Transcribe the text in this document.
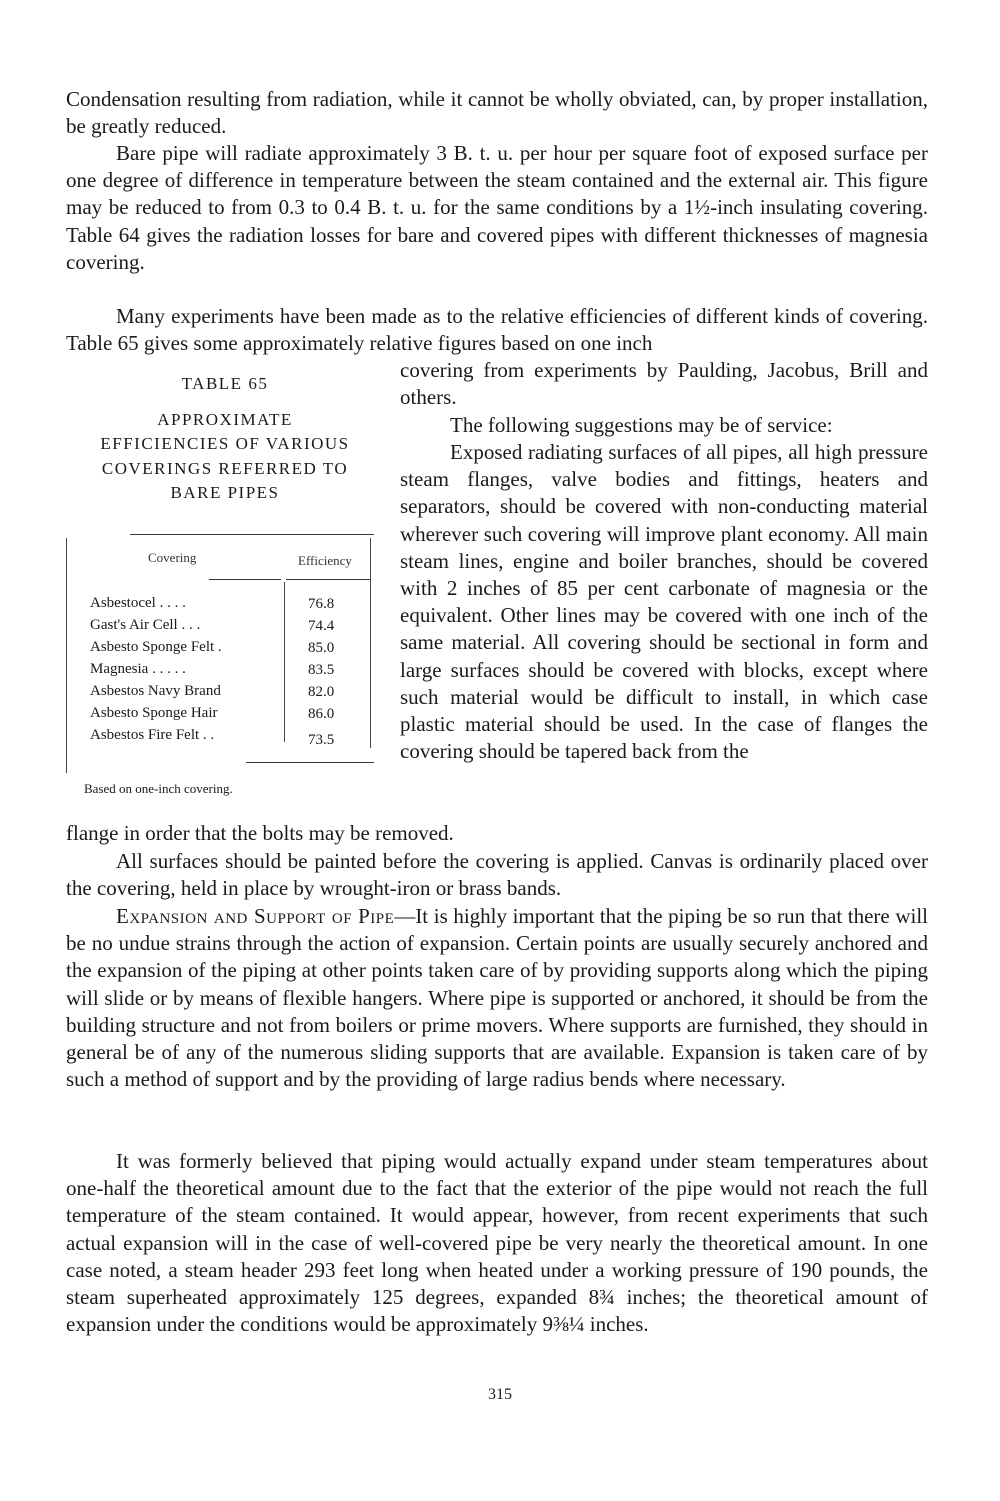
Condensation resulting from radiation, while it cannot be wholly obviated, can, by proper installation, be greatly reduced.

Bare pipe will radiate approximately 3 B. t. u. per hour per square foot of exposed surface per one degree of difference in temperature between the steam contained and the external air. This figure may be reduced to from 0.3 to 0.4 B. t. u. for the same conditions by a 1½-inch insulating covering. Table 64 gives the radiation losses for bare and covered pipes with different thicknesses of magnesia covering.

Many experiments have been made as to the relative efficiencies of different kinds of covering. Table 65 gives some approximately relative figures based on one inch

covering from experiments by Paulding, Jacobus, Brill and others.

The following suggestions may be of service:

Exposed radiating surfaces of all pipes, all high pressure steam flanges, valve bodies and fittings, heaters and separators, should be covered with non-conducting material wherever such covering will improve plant economy. All main steam lines, engine and boiler branches, should be covered with 2 inches of 85 per cent carbonate of magnesia or the equivalent. Other lines may be covered with one inch of the same material. All covering should be sectional in form and large surfaces should be covered with blocks, except where such material would be difficult to install, in which case plastic material should be used. In the case of flanges the covering should be tapered back from the

flange in order that the bolts may be removed.

All surfaces should be painted before the covering is applied. Canvas is ordinarily placed over the covering, held in place by wrought-iron or brass bands.

Expansion and Support of Pipe—It is highly important that the piping be so run that there will be no undue strains through the action of expansion. Certain points are usually securely anchored and the expansion of the piping at other points taken care of by providing supports along which the piping will slide or by means of flexible hangers. Where pipe is supported or anchored, it should be from the building structure and not from boilers or prime movers. Where supports are furnished, they should in general be of any of the numerous sliding supports that are available. Expansion is taken care of by such a method of support and by the providing of large radius bends where necessary.

It was formerly believed that piping would actually expand under steam temperatures about one-half the theoretical amount due to the fact that the exterior of the pipe would not reach the full temperature of the steam contained. It would appear, however, from recent experiments that such actual expansion will in the case of well-covered pipe be very nearly the theoretical amount. In one case noted, a steam header 293 feet long when heated under a working pressure of 190 pounds, the steam superheated approximately 125 degrees, expanded 8¾ inches; the theoretical amount of expansion under the conditions would be approximately 9⅜¼ inches.

TABLE 65
APPROXIMATE
EFFICIENCIES OF VARIOUS
COVERINGS REFERRED TO
BARE PIPES
Covering	Efficiency
Asbestocel . . . .	76.8
Gast's Air Cell . . .	74.4
Asbesto Sponge Felt .	85.0
Magnesia . . . . .	83.5
Asbestos Navy Brand	82.0
Asbesto Sponge Hair	86.0
Asbestos Fire Felt . .	73.5
Based on one-inch covering.
315
